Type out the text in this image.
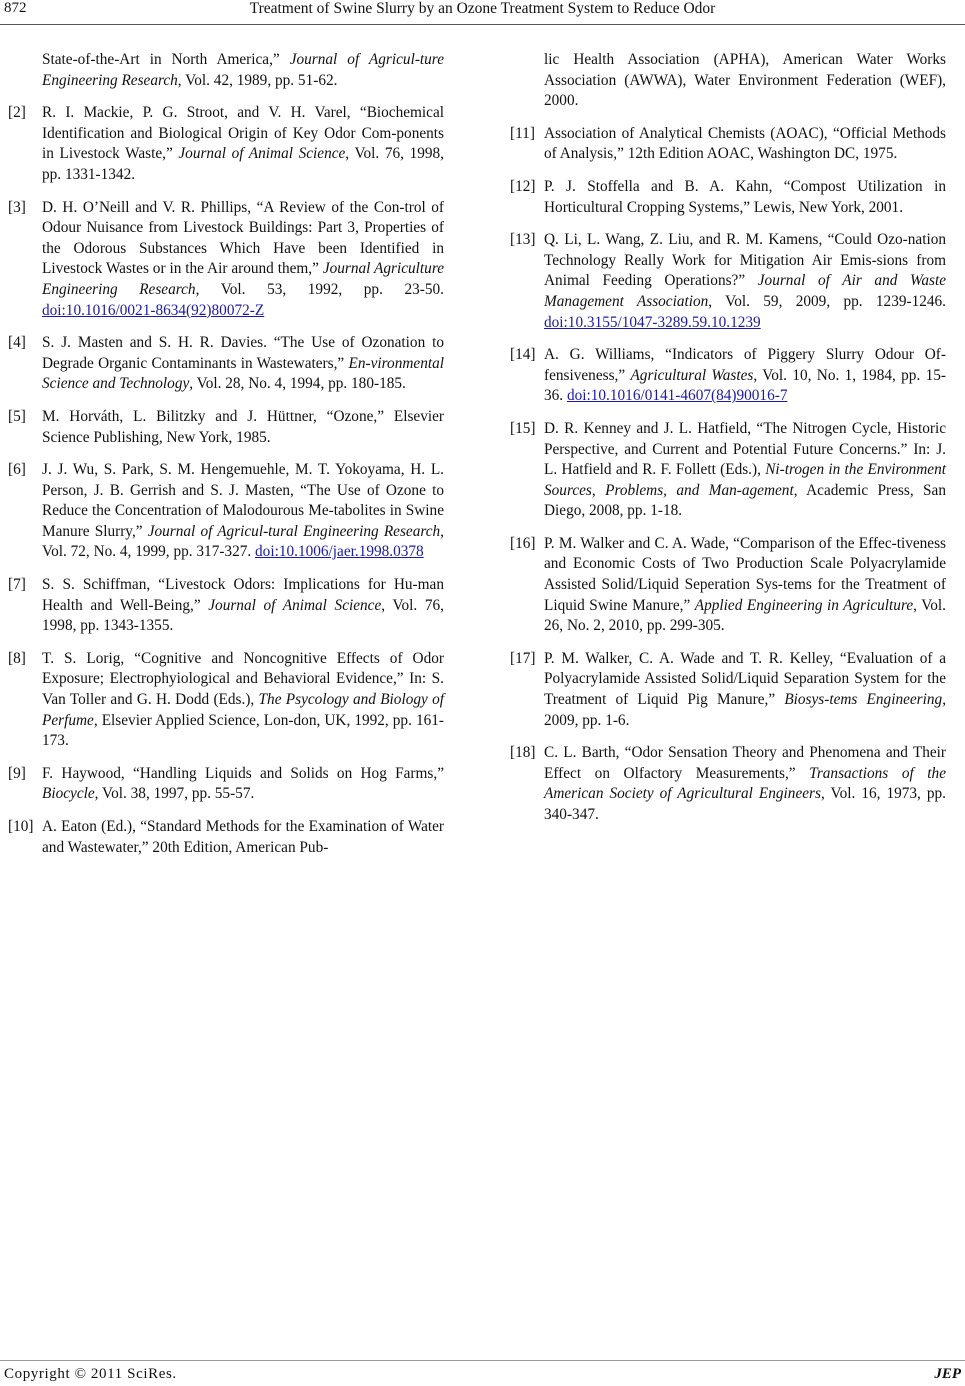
872	Treatment of Swine Slurry by an Ozone Treatment System to Reduce Odor
State-of-the-Art in North America,” Journal of Agricul-ture Engineering Research, Vol. 42, 1989, pp. 51-62.
[2] R. I. Mackie, P. G. Stroot, and V. H. Varel, “Biochemical Identification and Biological Origin of Key Odor Com-ponents in Livestock Waste,” Journal of Animal Science, Vol. 76, 1998, pp. 1331-1342.
[3] D. H. O’Neill and V. R. Phillips, “A Review of the Con-trol of Odour Nuisance from Livestock Buildings: Part 3, Properties of the Odorous Substances Which Have been Identified in Livestock Wastes or in the Air around them,” Journal Agriculture Engineering Research, Vol. 53, 1992, pp. 23-50. doi:10.1016/0021-8634(92)80072-Z
[4] S. J. Masten and S. H. R. Davies. “The Use of Ozonation to Degrade Organic Contaminants in Wastewaters,” En-vironmental Science and Technology, Vol. 28, No. 4, 1994, pp. 180-185.
[5] M. Horváth, L. Bilitzky and J. Hüttner, “Ozone,” Elsevier Science Publishing, New York, 1985.
[6] J. J. Wu, S. Park, S. M. Hengemuehle, M. T. Yokoyama, H. L. Person, J. B. Gerrish and S. J. Masten, “The Use of Ozone to Reduce the Concentration of Malodourous Me-tabolites in Swine Manure Slurry,” Journal of Agricul-tural Engineering Research, Vol. 72, No. 4, 1999, pp. 317-327. doi:10.1006/jaer.1998.0378
[7] S. S. Schiffman, “Livestock Odors: Implications for Hu-man Health and Well-Being,” Journal of Animal Science, Vol. 76, 1998, pp. 1343-1355.
[8] T. S. Lorig, “Cognitive and Noncognitive Effects of Odor Exposure; Electrophyiological and Behavioral Evidence,” In: S. Van Toller and G. H. Dodd (Eds.), The Psycology and Biology of Perfume, Elsevier Applied Science, Lon-don, UK, 1992, pp. 161-173.
[9] F. Haywood, “Handling Liquids and Solids on Hog Farms,” Biocycle, Vol. 38, 1997, pp. 55-57.
[10] A. Eaton (Ed.), “Standard Methods for the Examination of Water and Wastewater,” 20th Edition, American Pub-
lic Health Association (APHA), American Water Works Association (AWWA), Water Environment Federation (WEF), 2000.
[11] Association of Analytical Chemists (AOAC), “Official Methods of Analysis,” 12th Edition AOAC, Washington DC, 1975.
[12] P. J. Stoffella and B. A. Kahn, “Compost Utilization in Horticultural Cropping Systems,” Lewis, New York, 2001.
[13] Q. Li, L. Wang, Z. Liu, and R. M. Kamens, “Could Ozo-nation Technology Really Work for Mitigation Air Emis-sions from Animal Feeding Operations?” Journal of Air and Waste Management Association, Vol. 59, 2009, pp. 1239-1246. doi:10.3155/1047-3289.59.10.1239
[14] A. G. Williams, “Indicators of Piggery Slurry Odour Of-fensiveness,” Agricultural Wastes, Vol. 10, No. 1, 1984, pp. 15-36. doi:10.1016/0141-4607(84)90016-7
[15] D. R. Kenney and J. L. Hatfield, “The Nitrogen Cycle, Historic Perspective, and Current and Potential Future Concerns.” In: J. L. Hatfield and R. F. Follett (Eds.), Ni-trogen in the Environment Sources, Problems, and Man-agement, Academic Press, San Diego, 2008, pp. 1-18.
[16] P. M. Walker and C. A. Wade, “Comparison of the Effec-tiveness and Economic Costs of Two Production Scale Polyacrylamide Assisted Solid/Liquid Seperation Sys-tems for the Treatment of Liquid Swine Manure,” Applied Engineering in Agriculture, Vol. 26, No. 2, 2010, pp. 299-305.
[17] P. M. Walker, C. A. Wade and T. R. Kelley, “Evaluation of a Polyacrylamide Assisted Solid/Liquid Separation System for the Treatment of Liquid Pig Manure,” Biosys-tems Engineering, 2009, pp. 1-6.
[18] C. L. Barth, “Odor Sensation Theory and Phenomena and Their Effect on Olfactory Measurements,” Transactions of the American Society of Agricultural Engineers, Vol. 16, 1973, pp. 340-347.
Copyright © 2011 SciRes.	JEP
